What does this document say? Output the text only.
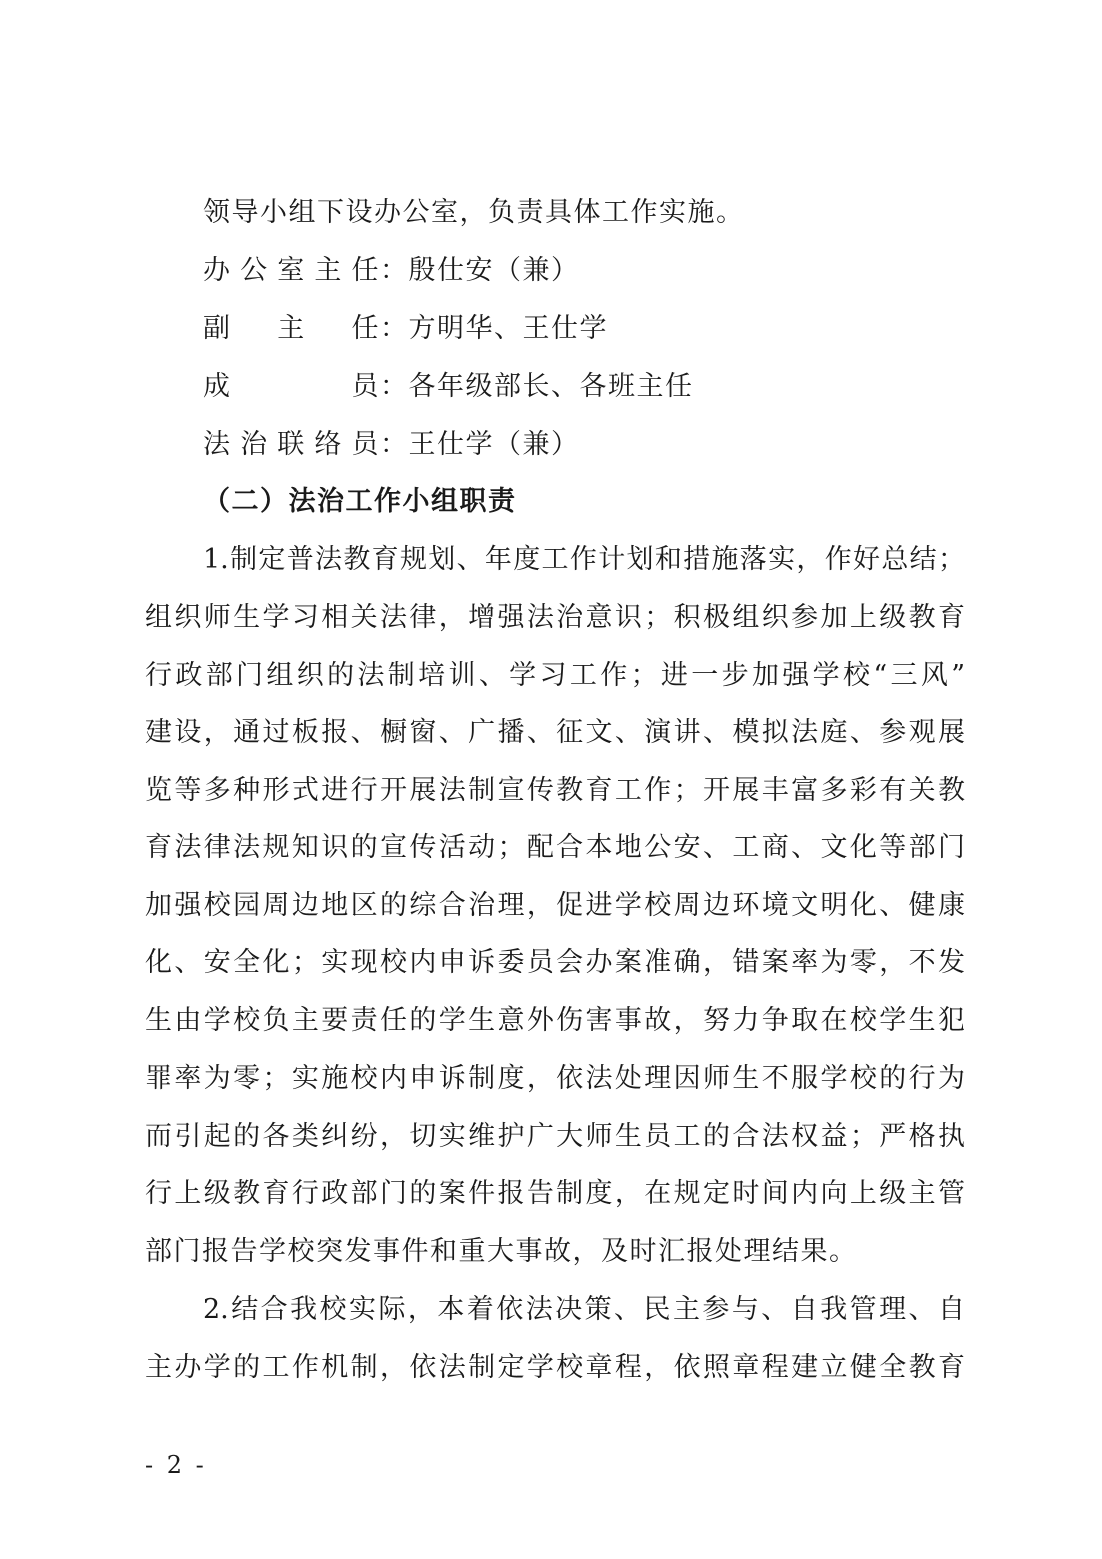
领导小组下设办公室，负责具体工作实施。
办公室主任：殷仕安（兼）
副主任：方明华、王仕学
成员：各年级部长、各班主任
法治联络员：王仕学（兼）
（二）法治工作小组职责
1.制定普法教育规划、年度工作计划和措施落实，作好总结；
组织师生学习相关法律，增强法治意识；积极组织参加上级教育
行政部门组织的法制培训、学习工作；进一步加强学校“三风”
建设，通过板报、橱窗、广播、征文、演讲、模拟法庭、参观展
览等多种形式进行开展法制宣传教育工作；开展丰富多彩有关教
育法律法规知识的宣传活动；配合本地公安、工商、文化等部门
加强校园周边地区的综合治理，促进学校周边环境文明化、健康
化、安全化；实现校内申诉委员会办案准确，错案率为零，不发
生由学校负主要责任的学生意外伤害事故，努力争取在校学生犯
罪率为零；实施校内申诉制度，依法处理因师生不服学校的行为
而引起的各类纠纷，切实维护广大师生员工的合法权益；严格执
行上级教育行政部门的案件报告制度，在规定时间内向上级主管
部门报告学校突发事件和重大事故，及时汇报处理结果。
2.结合我校实际，本着依法决策、民主参与、自我管理、自
主办学的工作机制，依法制定学校章程，依照章程建立健全教育
- 2 -
